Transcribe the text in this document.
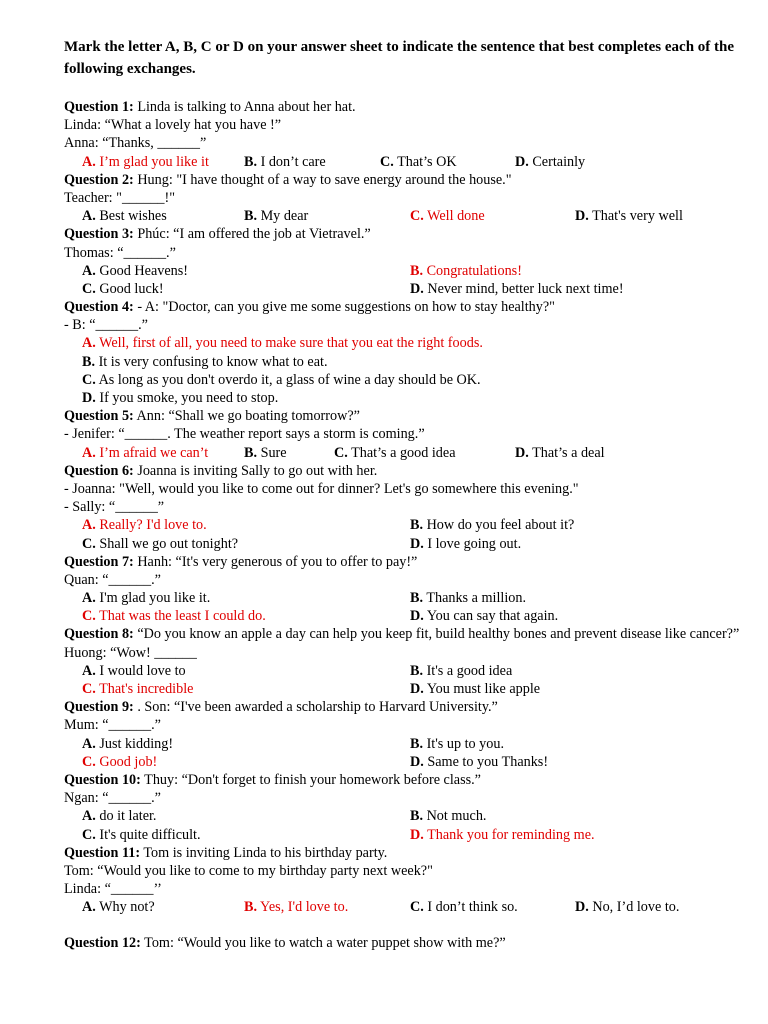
Mark the letter A, B, C or D on your answer sheet to indicate the sentence that best completes each of the following exchanges.
Question 1: Linda is talking to Anna about her hat.
Linda: “What a lovely hat you have !”
Anna: “Thanks, ______”
A. I’m glad you like it B. I don’t care	C. That’s OK	D. Certainly
Question 2: Hung: "I have thought of a way to save energy around the house."
Teacher: "______!"
A. Best wishes	B. My dear	C. Well done	D. That's very well
Question 3: Phúc: “I am offered the job at Vietravel.”
Thomas: “______.”
A. Good Heavens!	B. Congratulations!
C. Good luck!	D. Never mind, better luck next time!
Question 4: - A: "Doctor, can you give me some suggestions on how to stay healthy?"
- B: “______.”
A. Well, first of all, you need to make sure that you eat the right foods.
B. It is very confusing to know what to eat.
C. As long as you don't overdo it, a glass of wine a day should be OK.
D. If you smoke, you need to stop.
Question 5: Ann: “Shall we go boating tomorrow?”
- Jenifer: “______. The weather report says a storm is coming.”
A. I’m afraid we can’t	B. Sure	C. That’s a good idea	D. That’s a deal
Question 6: Joanna is inviting Sally to go out with her.
- Joanna: "Well, would you like to come out for dinner? Let's go somewhere this evening."
- Sally: “______”
A. Really? I'd love to.	B. How do you feel about it?
C. Shall we go out tonight?	D. I love going out.
Question 7: Hanh: “It's very generous of you to offer to pay!”
Quan: “______.”
A. I'm glad you like it.	B. Thanks a million.
C. That was the least I could do.	D. You can say that again.
Question 8: “Do you know an apple a day can help you keep fit, build healthy bones and prevent disease like cancer?”
Huong: “Wow! ______
A. I would love to	B. It's a good idea
C. That's incredible	D. You must like apple
Question 9: . Son: “I've been awarded a scholarship to Harvard University.”
Mum: “______.”
A. Just kidding!	B. It's up to you.
C. Good job!	D. Same to you Thanks!
Question 10: Thuy: “Don't forget to finish your homework before class.”
Ngan: “______.”
A. do it later.	B. Not much.
C. It's quite difficult.	D. Thank you for reminding me.
Question 11: Tom is inviting Linda to his birthday party.
Tom: “Would you like to come to my birthday party next week?"
Linda: “______’’
A. Why not?	B. Yes, I'd love to.	C. I don’t think so.	D. No, I’d love to.
Question 12: Tom: “Would you like to watch a water puppet show with me?”
